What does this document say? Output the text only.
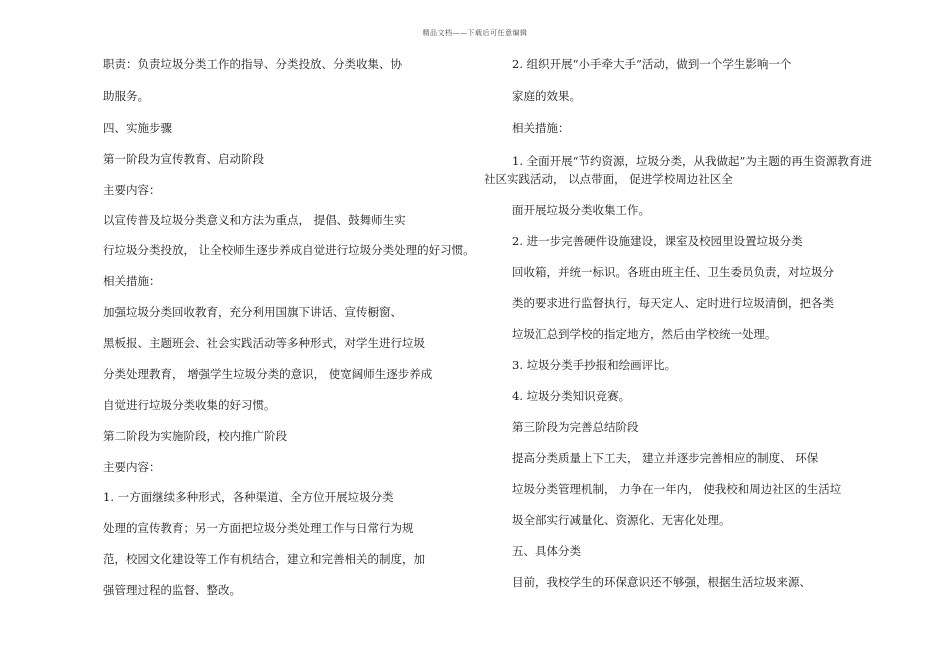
精品文档——下载后可任意编辑
职责：负责垃圾分类工作的指导、分类投放、分类收集、协
助服务。
四、实施步骤
第一阶段为宣传教育、启动阶段
主要内容：
以宣传普及垃圾分类意义和方法为重点， 提倡、鼓舞师生实
行垃圾分类投放， 让全校师生逐步养成自觉进行垃圾分类处理的好习惯。
相关措施：
加强垃圾分类回收教育，充分利用国旗下讲话、宣传橱窗、
黑板报、主题班会、社会实践活动等多种形式，对学生进行垃圾
分类处理教育， 增强学生垃圾分类的意识， 使宽阔师生逐步养成
自觉进行垃圾分类收集的好习惯。
第二阶段为实施阶段，校内推广阶段
主要内容：
1. 一方面继续多种形式，各种渠道、全方位开展垃圾分类
处理的宣传教育；另一方面把垃圾分类处理工作与日常行为规
范，校园文化建设等工作有机结合，建立和完善相关的制度，加
强管理过程的监督、整改。
2. 组织开展“小手牵大手”活动，做到一个学生影响一个
家庭的效果。
相关措施：
1. 全面开展“节约资源，垃圾分类，从我做起”为主题的再生资源教育进社区实践活动， 以点带面， 促进学校周边社区全
面开展垃圾分类收集工作。
2. 进一步完善硬件设施建设，课室及校园里设置垃圾分类
回收箱，并统一标识。各班由班主任、卫生委员负责，对垃圾分
类的要求进行监督执行，每天定人、定时进行垃圾清倒，把各类
垃圾汇总到学校的指定地方，然后由学校统一处理。
3. 垃圾分类手抄报和绘画评比。
4. 垃圾分类知识竞赛。
第三阶段为完善总结阶段
提高分类质量上下工夫， 建立并逐步完善相应的制度、 环保
垃圾分类管理机制， 力争在一年内， 使我校和周边社区的生活垃
圾全部实行减量化、资源化、无害化处理。
五、具体分类
目前，我校学生的环保意识还不够强，根据生活垃圾来源、
